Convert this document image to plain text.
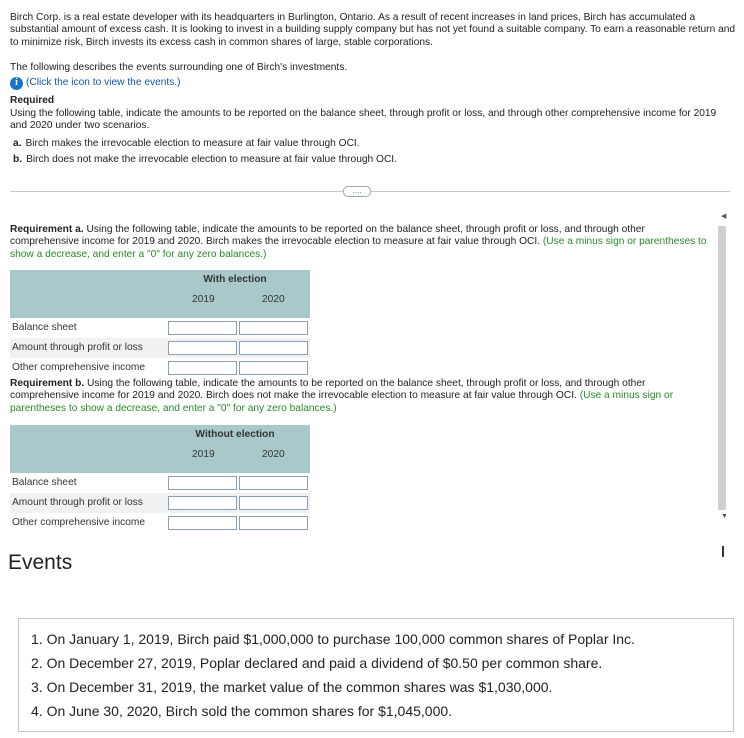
Birch Corp. is a real estate developer with its headquarters in Burlington, Ontario. As a result of recent increases in land prices, Birch has accumulated a substantial amount of excess cash. It is looking to invest in a building supply company but has not yet found a suitable company. To earn a reasonable return and to minimize risk, Birch invests its excess cash in common shares of large, stable corporations.

The following describes the events surrounding one of Birch's investments.

i (Click the icon to view the events.)

Required

Using the following table, indicate the amounts to be reported on the balance sheet, through profit or loss, and through other comprehensive income for 2019 and 2020 under two scenarios.

a. Birch makes the irrevocable election to measure at fair value through OCI.

b. Birch does not make the irrevocable election to measure at fair value through OCI.

....

Requirement a. Using the following table, indicate the amounts to be reported on the balance sheet, through profit or loss, and through other comprehensive income for 2019 and 2020. Birch makes the irrevocable election to measure at fair value through OCI. (Use a minus sign or parentheses to show a decrease, and enter a "0" for any zero balances.)

With election
2019	2020
Balance sheet
Amount through profit or loss
Other comprehensive income

Requirement b. Using the following table, indicate the amounts to be reported on the balance sheet, through profit or loss, and through other comprehensive income for 2019 and 2020. Birch does not make the irrevocable election to measure at fair value through OCI. (Use a minus sign or parentheses to show a decrease, and enter a "0" for any zero balances.)

Without election
2019	2020
Balance sheet
Amount through profit or loss
Other comprehensive income
◀
▼
Events
1. On January 1, 2019, Birch paid $1,000,000 to purchase 100,000 common shares of Poplar Inc.
2. On December 27, 2019, Poplar declared and paid a dividend of $0.50 per common share.
3. On December 31, 2019, the market value of the common shares was $1,030,000.
4. On June 30, 2020, Birch sold the common shares for $1,045,000.
